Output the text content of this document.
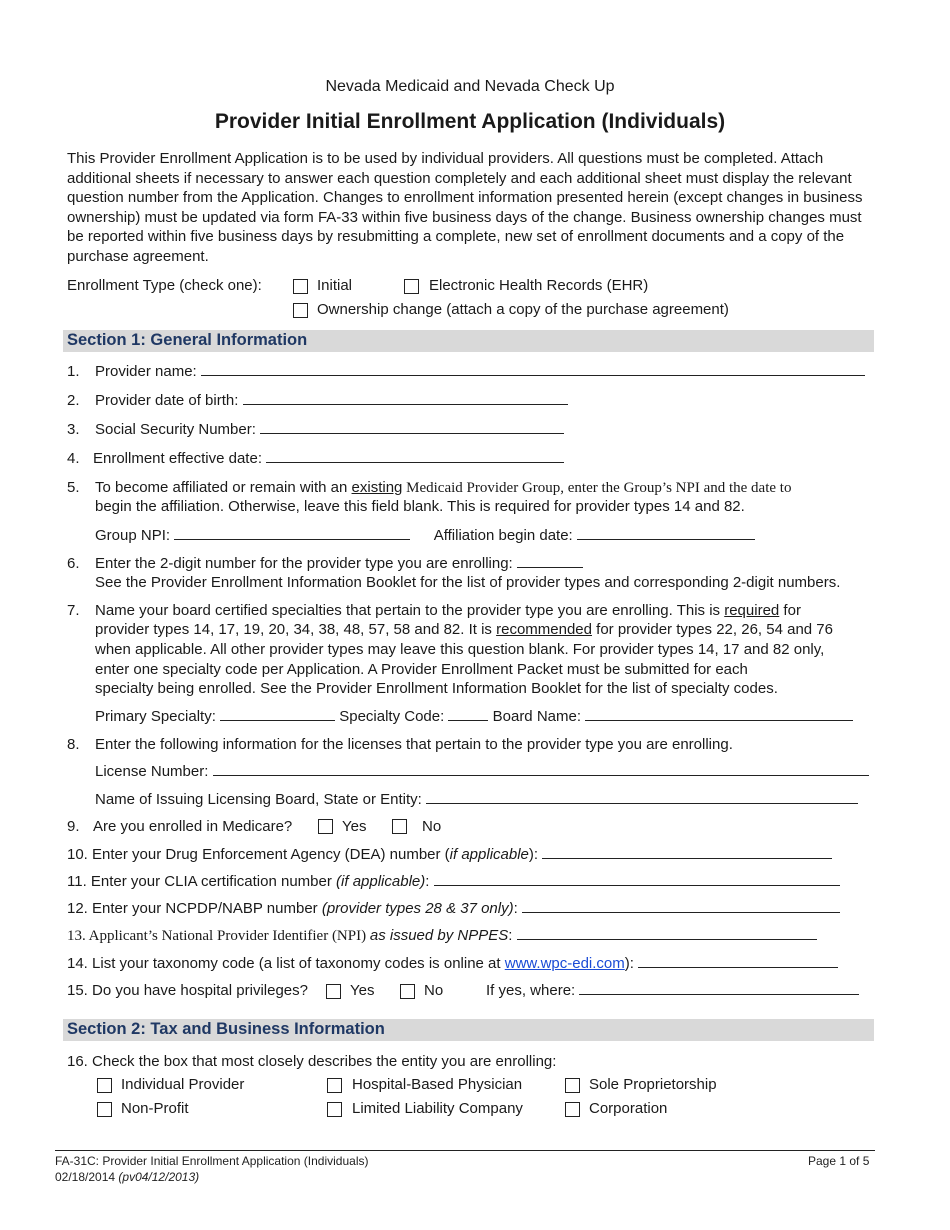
Nevada Medicaid and Nevada Check Up
Provider Initial Enrollment Application (Individuals)
This Provider Enrollment Application is to be used by individual providers. All questions must be completed. Attach additional sheets if necessary to answer each question completely and each additional sheet must display the relevant question number from the Application. Changes to enrollment information presented herein (except changes in business ownership) must be updated via form FA-33 within five business days of the change. Business ownership changes must be reported within five business days by resubmitting a complete, new set of enrollment documents and a copy of the purchase agreement.
Enrollment Type (check one):	Initial	Electronic Health Records (EHR)
Ownership change (attach a copy of the purchase agreement)
Section 1: General Information
1. Provider name:
2. Provider date of birth:
3. Social Security Number:
4. Enrollment effective date:
5. To become affiliated or remain with an existing Medicaid Provider Group, enter the Group’s NPI and the date to
begin the affiliation. Otherwise, leave this field blank. This is required for provider types 14 and 82.
Group NPI:	Affiliation begin date:
6. Enter the 2-digit number for the provider type you are enrolling:
See the Provider Enrollment Information Booklet for the list of provider types and corresponding 2-digit numbers.
7. Name your board certified specialties that pertain to the provider type you are enrolling. This is required for
provider types 14, 17, 19, 20, 34, 38, 48, 57, 58 and 82. It is recommended for provider types 22, 26, 54 and 76
when applicable. All other provider types may leave this question blank. For provider types 14, 17 and 82 only,
enter one specialty code per Application. A Provider Enrollment Packet must be submitted for each
specialty being enrolled. See the Provider Enrollment Information Booklet for the list of specialty codes.
Primary Specialty:	Specialty Code:	Board Name:
8. Enter the following information for the licenses that pertain to the provider type you are enrolling.
License Number:
Name of Issuing Licensing Board, State or Entity:
9. Are you enrolled in Medicare?	Yes	No
10. Enter your Drug Enforcement Agency (DEA) number (if applicable):
11. Enter your CLIA certification number (if applicable):
12. Enter your NCPDP/NABP number (provider types 28 & 37 only):
13. Applicant’s National Provider Identifier (NPI) as issued by NPPES:
14. List your taxonomy code (a list of taxonomy codes is online at www.wpc-edi.com):
15. Do you have hospital privileges?	Yes	No	If yes, where:
Section 2: Tax and Business Information
16. Check the box that most closely describes the entity you are enrolling:
Individual Provider	Hospital-Based Physician	Sole Proprietorship
Non-Profit	Limited Liability Company	Corporation
FA-31C: Provider Initial Enrollment Application (Individuals)
02/18/2014 (pv04/12/2013)
Page 1 of 5
